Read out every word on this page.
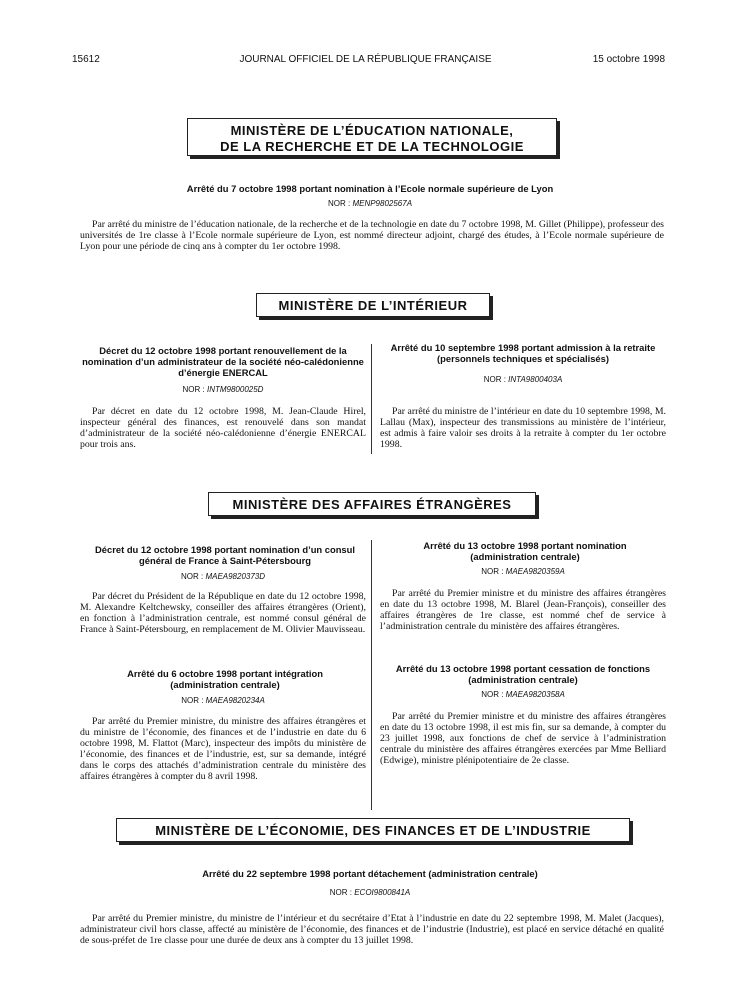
15612	JOURNAL OFFICIEL DE LA RÉPUBLIQUE FRANÇAISE	15 octobre 1998
MINISTÈRE DE L’ÉDUCATION NATIONALE,
DE LA RECHERCHE ET DE LA TECHNOLOGIE
Arrêté du 7 octobre 1998 portant nomination à l’Ecole normale supérieure de Lyon
NOR : MENP9802567A
Par arrêté du ministre de l’éducation nationale, de la recherche et de la technologie en date du 7 octobre 1998, M. Gillet (Philippe), professeur des universités de 1re classe à l’Ecole normale supérieure de Lyon, est nommé directeur adjoint, chargé des études, à l’Ecole normale supérieure de Lyon pour une période de cinq ans à compter du 1er octobre 1998.
MINISTÈRE DE L’INTÉRIEUR
Décret du 12 octobre 1998 portant renouvellement de la nomination d’un administrateur de la société néo-calédonienne d’énergie ENERCAL
NOR : INTM9800025D
Par décret en date du 12 octobre 1998, M. Jean-Claude Hirel, inspecteur général des finances, est renouvelé dans son mandat d’administrateur de la société néo-calédonienne d’énergie ENERCAL pour trois ans.
Arrêté du 10 septembre 1998 portant admission à la retraite (personnels techniques et spécialisés)
NOR : INTA9800403A
Par arrêté du ministre de l’intérieur en date du 10 septembre 1998, M. Lallau (Max), inspecteur des transmissions au ministère de l’intérieur, est admis à faire valoir ses droits à la retraite à compter du 1er octobre 1998.
MINISTÈRE DES AFFAIRES ÉTRANGÈRES
Décret du 12 octobre 1998 portant nomination d’un consul général de France à Saint-Pétersbourg
NOR : MAEA9820373D
Par décret du Président de la République en date du 12 octobre 1998, M. Alexandre Keltchewsky, conseiller des affaires étrangères (Orient), en fonction à l’administration centrale, est nommé consul général de France à Saint-Pétersbourg, en remplacement de M. Olivier Mauvisseau.
Arrêté du 6 octobre 1998 portant intégration (administration centrale)
NOR : MAEA9820234A
Par arrêté du Premier ministre, du ministre des affaires étrangères et du ministre de l’économie, des finances et de l’industrie en date du 6 octobre 1998, M. Flattot (Marc), inspecteur des impôts du ministère de l’économie, des finances et de l’industrie, est, sur sa demande, intégré dans le corps des attachés d’administration centrale du ministère des affaires étrangères à compter du 8 avril 1998.
Arrêté du 13 octobre 1998 portant nomination (administration centrale)
NOR : MAEA9820359A
Par arrêté du Premier ministre et du ministre des affaires étrangères en date du 13 octobre 1998, M. Blarel (Jean-François), conseiller des affaires étrangères de 1re classe, est nommé chef de service à l’administration centrale du ministère des affaires étrangères.
Arrêté du 13 octobre 1998 portant cessation de fonctions (administration centrale)
NOR : MAEA9820358A
Par arrêté du Premier ministre et du ministre des affaires étrangères en date du 13 octobre 1998, il est mis fin, sur sa demande, à compter du 23 juillet 1998, aux fonctions de chef de service à l’administration centrale du ministère des affaires étrangères exercées par Mme Belliard (Edwige), ministre plénipotentiaire de 2e classe.
MINISTÈRE DE L’ÉCONOMIE, DES FINANCES ET DE L’INDUSTRIE
Arrêté du 22 septembre 1998 portant détachement (administration centrale)
NOR : ECOI9800841A
Par arrêté du Premier ministre, du ministre de l’intérieur et du secrétaire d’Etat à l’industrie en date du 22 septembre 1998, M. Malet (Jacques), administrateur civil hors classe, affecté au ministère de l’économie, des finances et de l’industrie (Industrie), est placé en service détaché en qualité de sous-préfet de 1re classe pour une durée de deux ans à compter du 13 juillet 1998.
